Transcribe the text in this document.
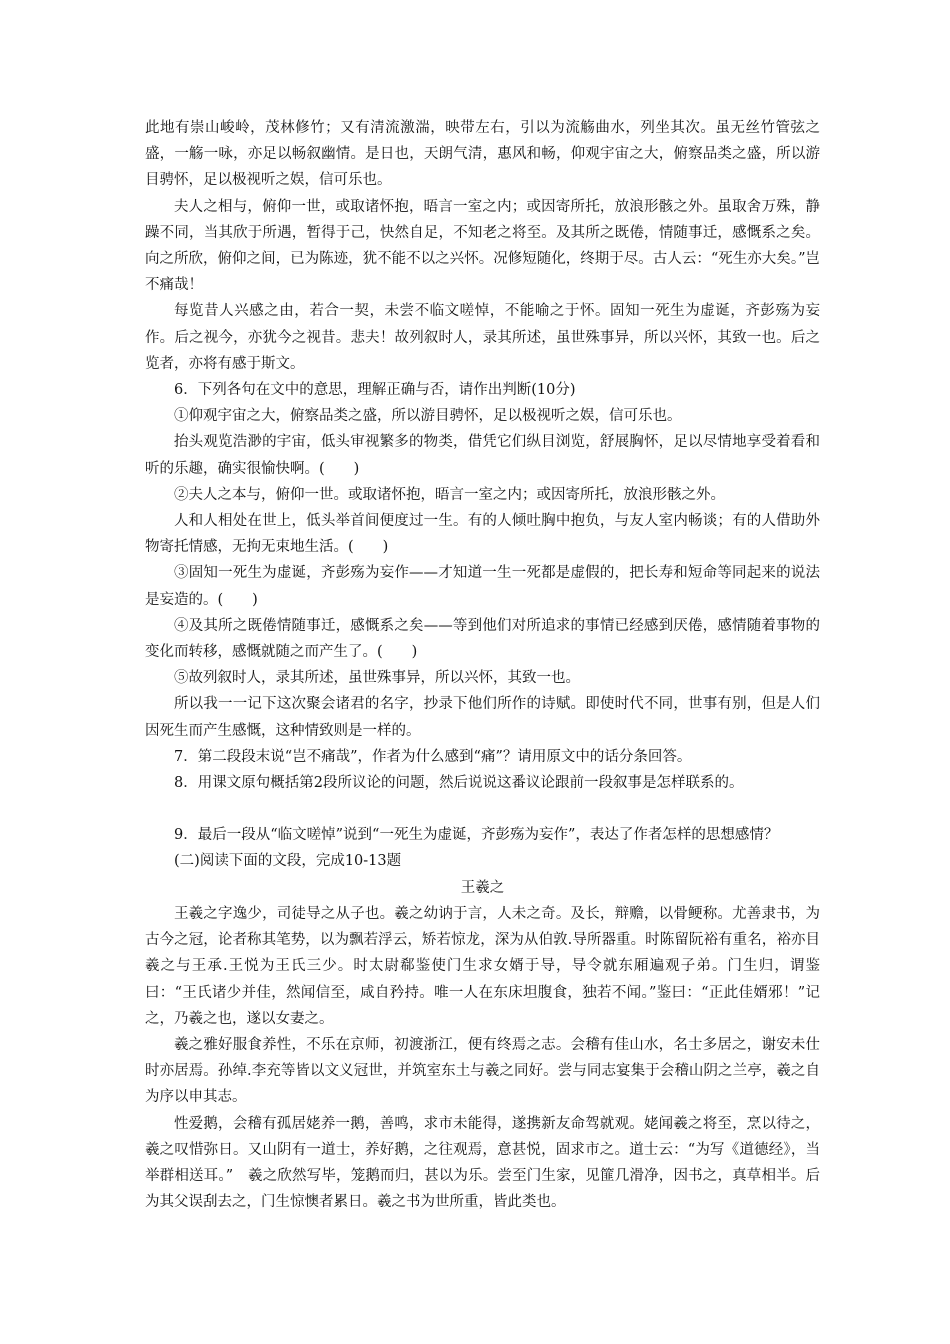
此地有崇山峻岭，茂林修竹；又有清流激湍，映带左右，引以为流觞曲水，列坐其次。虽无丝竹管弦之盛，一觞一咏，亦足以畅叙幽情。是日也，天朗气清，惠风和畅，仰观宇宙之大，俯察品类之盛，所以游目骋怀，足以极视听之娱，信可乐也。

夫人之相与，俯仰一世，或取诸怀抱，晤言一室之内；或因寄所托，放浪形骸之外。虽取舍万殊，静躁不同，当其欣于所遇，暂得于己，快然自足，不知老之将至。及其所之既倦，情随事迁，感慨系之矣。向之所欣，俯仰之间，已为陈迹，犹不能不以之兴怀。况修短随化，终期于尽。古人云：“死生亦大矣。”岂不痛哉！

每览昔人兴感之由，若合一契，未尝不临文嗟悼，不能喻之于怀。固知一死生为虚诞，齐彭殇为妄作。后之视今，亦犹今之视昔。悲夫！故列叙时人，录其所述，虽世殊事异，所以兴怀，其致一也。后之览者，亦将有感于斯文。

6．下列各句在文中的意思，理解正确与否，请作出判断(10分)

①仰观宇宙之大，俯察品类之盛，所以游目骋怀，足以极视听之娱，信可乐也。

抬头观览浩渺的宇宙，低头审视繁多的物类，借凭它们纵目浏览，舒展胸怀，足以尽情地享受着看和听的乐趣，确实很愉快啊。(　　)

②夫人之本与，俯仰一世。或取诸怀抱，晤言一室之内；或因寄所托，放浪形骸之外。

人和人相处在世上，低头举首间便度过一生。有的人倾吐胸中抱负，与友人室内畅谈；有的人借助外物寄托情感，无拘无束地生活。(　　)

③固知一死生为虚诞，齐彭殇为妄作——才知道一生一死都是虚假的，把长寿和短命等同起来的说法是妄造的。(　　)

④及其所之既倦情随事迁，感慨系之矣——等到他们对所追求的事情已经感到厌倦，感情随着事物的变化而转移，感慨就随之而产生了。(　　)

⑤故列叙时人，录其所述，虽世殊事异，所以兴怀，其致一也。

所以我一一记下这次聚会诸君的名字，抄录下他们所作的诗赋。即使时代不同，世事有别，但是人们因死生而产生感慨，这种情致则是一样的。

7．第二段段末说“岂不痛哉”，作者为什么感到“痛”？请用原文中的话分条回答。

8．用课文原句概括第2段所议论的问题，然后说说这番议论跟前一段叙事是怎样联系的。

9．最后一段从“临文嗟悼”说到“一死生为虚诞，齐彭殇为妄作”，表达了作者怎样的思想感情？

(二)阅读下面的文段，完成10-13题

王羲之

王羲之字逸少，司徒导之从子也。羲之幼讷于言，人未之奇。及长，辩赡，以骨鲠称。尤善隶书，为古今之冠，论者称其笔势，以为飘若浮云，矫若惊龙，深为从伯敦.导所器重。时陈留阮裕有重名，裕亦目羲之与王承.王悦为王氏三少。时太尉郗鉴使门生求女婿于导，导令就东厢遍观子弟。门生归，谓鉴曰：“王氏诸少并佳，然闻信至，咸自矜持。唯一人在东床坦腹食，独若不闻。”鉴曰：“正此佳婿邪！”记之，乃羲之也，遂以女妻之。

羲之雅好服食养性，不乐在京师，初渡浙江，便有终焉之志。会稽有佳山水，名士多居之，谢安未仕时亦居焉。孙绰.李充等皆以文义冠世，并筑室东土与羲之同好。尝与同志宴集于会稽山阴之兰亭，羲之自为序以申其志。

性爱鹅，会稽有孤居姥养一鹅，善鸣，求市未能得，遂携新友命驾就观。姥闻羲之将至，烹以待之，羲之叹惜弥日。又山阴有一道士，养好鹅，之往观焉，意甚悦，固求市之。道士云：“为写《道德经》，当举群相送耳。”　羲之欣然写毕，笼鹅而归，甚以为乐。尝至门生家，见篚几滑净，因书之，真草相半。后为其父误刮去之，门生惊懊者累日。羲之书为世所重，皆此类也。
